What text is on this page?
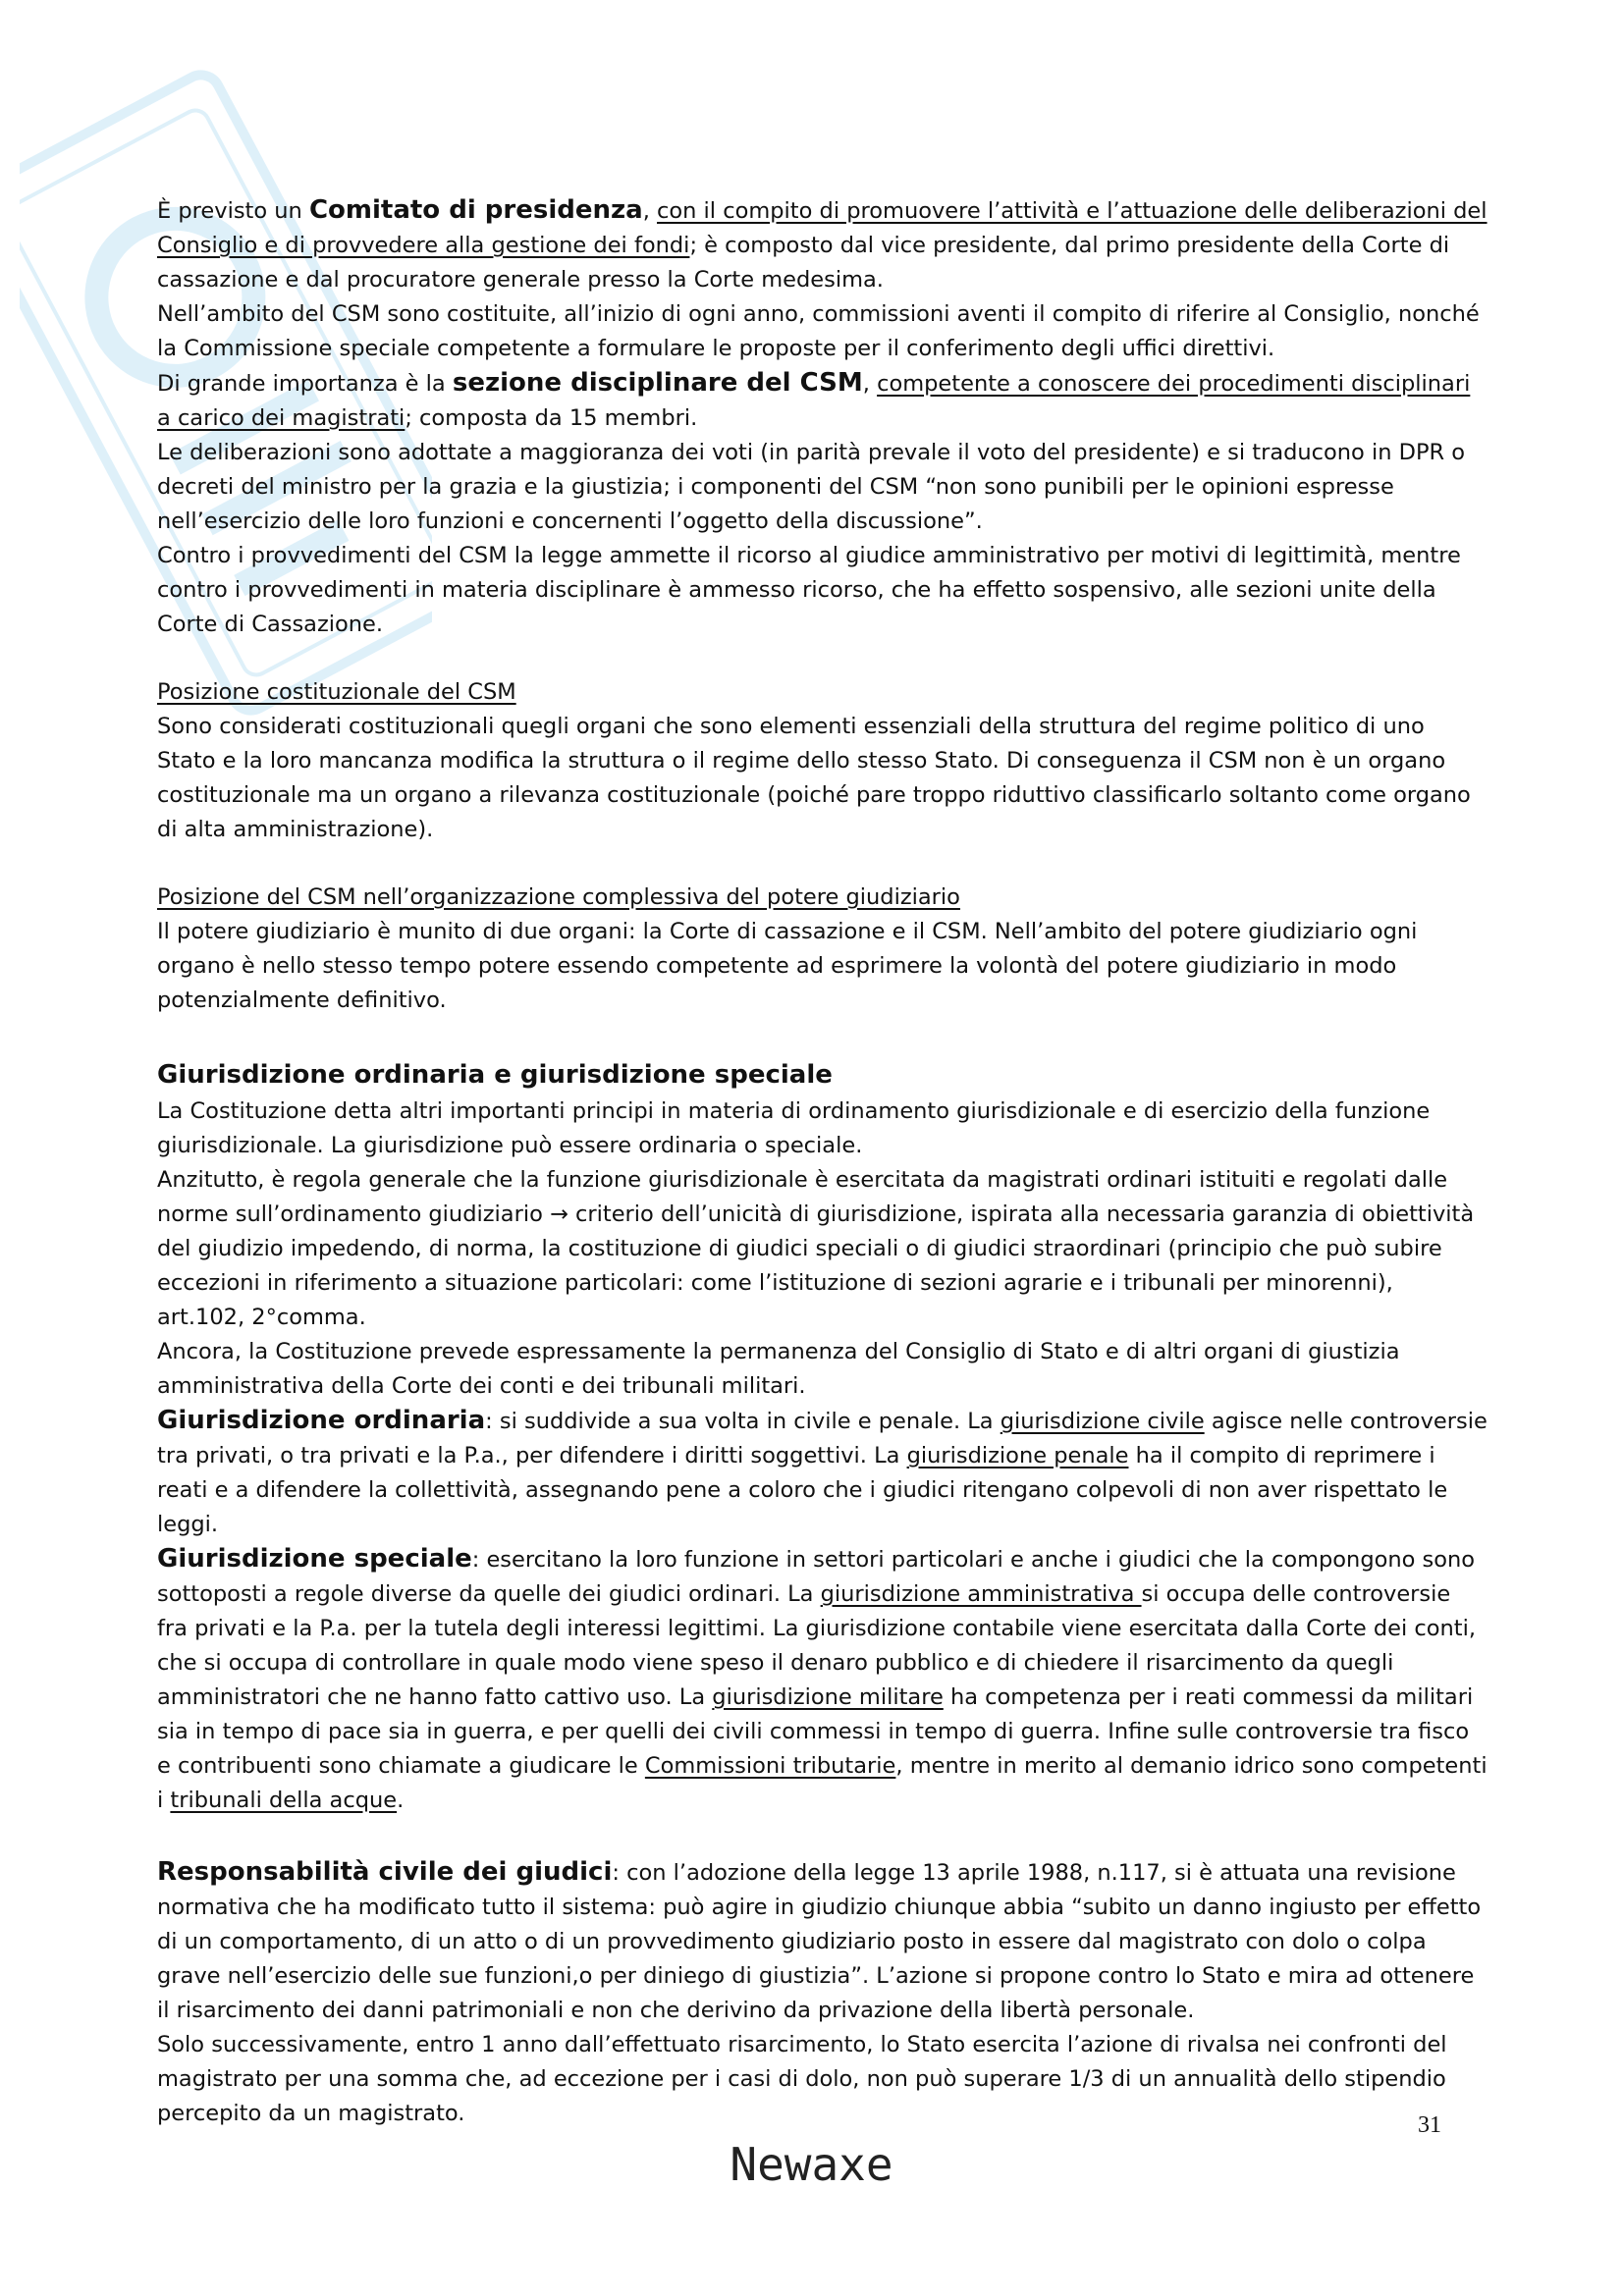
È previsto un Comitato di presidenza, con il compito di promuovere l’attività e l’attuazione delle deliberazioni del Consiglio e di provvedere alla gestione dei fondi; è composto dal vice presidente, dal primo presidente della Corte di cassazione e dal procuratore generale presso la Corte medesima.

Nell’ambito del CSM sono costituite, all’inizio di ogni anno, commissioni aventi il compito di riferire al Consiglio, nonché la Commissione speciale competente a formulare le proposte per il conferimento degli uffici direttivi.

Di grande importanza è la sezione disciplinare del CSM, competente a conoscere dei procedimenti disciplinari a carico dei magistrati; composta da 15 membri.

Le deliberazioni sono adottate a maggioranza dei voti (in parità prevale il voto del presidente) e si traducono in DPR o decreti del ministro per la grazia e la giustizia; i componenti del CSM “non sono punibili per le opinioni espresse nell’esercizio delle loro funzioni e concernenti l’oggetto della discussione”.

Contro i provvedimenti del CSM la legge ammette il ricorso al giudice amministrativo per motivi di legittimità, mentre contro i provvedimenti in materia disciplinare è ammesso ricorso, che ha effetto sospensivo, alle sezioni unite della Corte di Cassazione.

Posizione costituzionale del CSM

Sono considerati costituzionali quegli organi che sono elementi essenziali della struttura del regime politico di uno Stato e la loro mancanza modifica la struttura o il regime dello stesso Stato. Di conseguenza il CSM non è un organo costituzionale ma un organo a rilevanza costituzionale (poiché pare troppo riduttivo classificarlo soltanto come organo di alta amministrazione).

Posizione del CSM nell’organizzazione complessiva del potere giudiziario

Il potere giudiziario è munito di due organi: la Corte di cassazione e il CSM. Nell’ambito del potere giudiziario ogni organo è nello stesso tempo potere essendo competente ad esprimere la volontà del potere giudiziario in modo potenzialmente definitivo.

Giurisdizione ordinaria e giurisdizione speciale

La Costituzione detta altri importanti principi in materia di ordinamento giurisdizionale e di esercizio della funzione giurisdizionale. La giurisdizione può essere ordinaria o speciale.

Anzitutto, è regola generale che la funzione giurisdizionale è esercitata da magistrati ordinari istituiti e regolati dalle norme sull’ordinamento giudiziario → criterio dell’unicità di giurisdizione, ispirata alla necessaria garanzia di obiettività del giudizio impedendo, di norma, la costituzione di giudici speciali o di giudici straordinari (principio che può subire eccezioni in riferimento a situazione particolari: come l’istituzione di sezioni agrarie e i tribunali per minorenni), art.102, 2°comma.

Ancora, la Costituzione prevede espressamente la permanenza del Consiglio di Stato e di altri organi di giustizia amministrativa della Corte dei conti e dei tribunali militari.

Giurisdizione ordinaria: si suddivide a sua volta in civile e penale. La giurisdizione civile agisce nelle controversie tra privati, o tra privati e la P.a., per difendere i diritti soggettivi. La giurisdizione penale ha il compito di reprimere i reati e a difendere la collettività, assegnando pene a coloro che i giudici ritengano colpevoli di non aver rispettato le leggi.

Giurisdizione speciale: esercitano la loro funzione in settori particolari e anche i giudici che la compongono sono sottoposti a regole diverse da quelle dei giudici ordinari. La giurisdizione amministrativa si occupa delle controversie fra privati e la P.a. per la tutela degli interessi legittimi. La giurisdizione contabile viene esercitata dalla Corte dei conti, che si occupa di controllare in quale modo viene speso il denaro pubblico e di chiedere il risarcimento da quegli amministratori che ne hanno fatto cattivo uso. La giurisdizione militare ha competenza per i reati commessi da militari sia in tempo di pace sia in guerra, e per quelli dei civili commessi in tempo di guerra. Infine sulle controversie tra fisco e contribuenti sono chiamate a giudicare le Commissioni tributarie, mentre in merito al demanio idrico sono competenti i tribunali della acque.

Responsabilità civile dei giudici: con l’adozione della legge 13 aprile 1988, n.117, si è attuata una revisione normativa che ha modificato tutto il sistema: può agire in giudizio chiunque abbia “subito un danno ingiusto per effetto di un comportamento, di un atto o di un provvedimento giudiziario posto in essere dal magistrato con dolo o colpa grave nell’esercizio delle sue funzioni,o per diniego di giustizia”. L’azione si propone contro lo Stato e mira ad ottenere il risarcimento dei danni patrimoniali e non che derivino da privazione della libertà personale.

Solo successivamente, entro 1 anno dall’effettuato risarcimento, lo Stato esercita l’azione di rivalsa nei confronti del magistrato per una somma che, ad eccezione per i casi di dolo, non può superare 1/3 di un annualità dello stipendio percepito da un magistrato.

Newaxe
31
